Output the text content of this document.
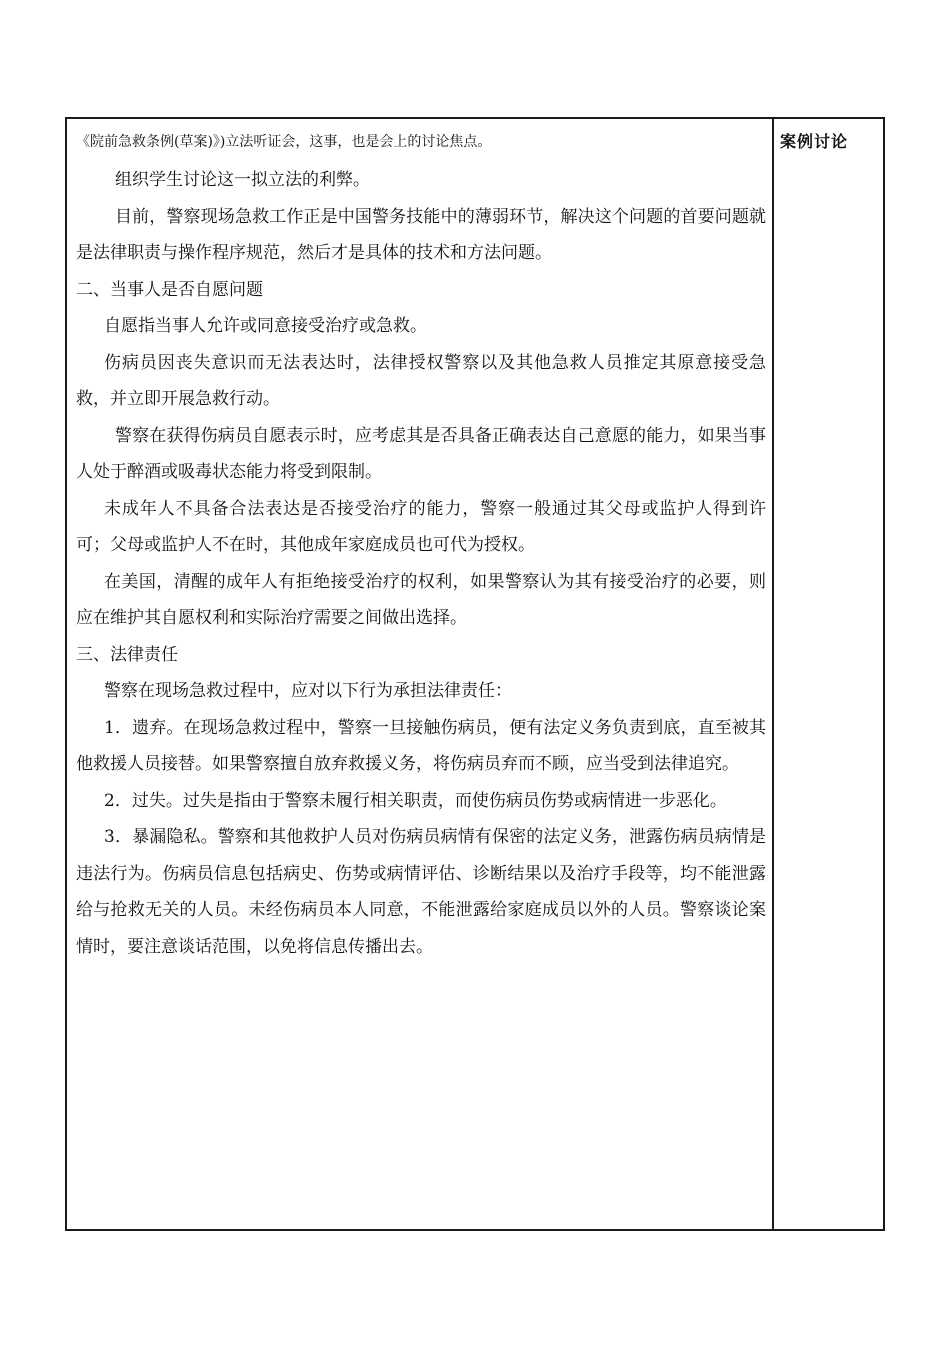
《院前急救条例(草案)》)立法听证会，这事，也是会上的讨论焦点。

组织学生讨论这一拟立法的利弊。

目前，警察现场急救工作正是中国警务技能中的薄弱环节，解决这个问题的首要问题就是法律职责与操作程序规范，然后才是具体的技术和方法问题。

二、当事人是否自愿问题

自愿指当事人允许或同意接受治疗或急救。

伤病员因丧失意识而无法表达时，法律授权警察以及其他急救人员推定其原意接受急救，并立即开展急救行动。

警察在获得伤病员自愿表示时，应考虑其是否具备正确表达自己意愿的能力，如果当事人处于醉酒或吸毒状态能力将受到限制。

未成年人不具备合法表达是否接受治疗的能力，警察一般通过其父母或监护人得到许可；父母或监护人不在时，其他成年家庭成员也可代为授权。

在美国，清醒的成年人有拒绝接受治疗的权利，如果警察认为其有接受治疗的必要，则应在维护其自愿权利和实际治疗需要之间做出选择。

三、法律责任

警察在现场急救过程中，应对以下行为承担法律责任：

1．遗弃。在现场急救过程中，警察一旦接触伤病员，便有法定义务负责到底，直至被其他救援人员接替。如果警察擅自放弃救援义务，将伤病员弃而不顾，应当受到法律追究。

2．过失。过失是指由于警察未履行相关职责，而使伤病员伤势或病情进一步恶化。

3．暴漏隐私。警察和其他救护人员对伤病员病情有保密的法定义务，泄露伤病员病情是违法行为。伤病员信息包括病史、伤势或病情评估、诊断结果以及治疗手段等，均不能泄露给与抢救无关的人员。未经伤病员本人同意，不能泄露给家庭成员以外的人员。警察谈论案情时，要注意谈话范围，以免将信息传播出去。

案例讨论
